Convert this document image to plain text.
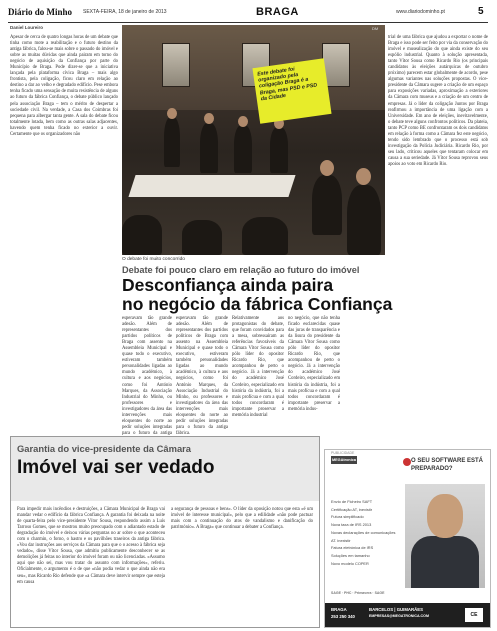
Diário do Minho SEXTA-FEIRA, 18 de janeiro de 2013	BRAGA	www.diariodominho.pt	5
Daniel Loureiro
Apesar de cerca de quatro longas horas de um debate que tinha como mote a reabilitação e o futuro destino da antiga fábrica, falou-se mais sobre o passado do imóvel e sobre as muitas dúvidas que ainda pairam em torno do negócio de aquisição da Confiança por parte do Município de Braga. Pode dizer-se que a iniciativa lançada pela plataforma cívica Braga – mais algo frontista, pela coligação, ficou claro em relação ao destino a dar ao velho e degradado edifício. Pese embora tenha ficado uma sensação de muita resistência de alguns ao futuro da fábrica Confiança, o debate público lançado pela associação Braga – tem o mérito de despertar a sociedade civil. Na verdade, a Casa dos Coimbras foi pequena para albergar tanta gente. A sala do debate ficou totalmente lotada, bem como as outras salas adjacentes, havendo quem tenha ficado no exterior a ouvir. Certamente que os organizadores não
DM
Este debate foi organizado pela coligação Braga é a Braga, mas PSD e PSD da Cidade
O debate foi muito concorrido
Debate foi pouco claro em relação ao futuro do imóvel
Desconfiança ainda paira
no negócio da fábrica Confiança
esperavam tão grande adesão. Além de representantes dos partidos políticos de Braga com assento na Assembleia Municipal e quase todo o executivo, estiveram também personalidades ligadas ao mundo académico, à cultura e aos negócios, como foi António Marques, da Associação Industrial do Minho, ou professores e investigadores da área das intervenções mais eloquentes do norte ao pedir soluções integradas para o futuro da antiga
esperavam tão grande adesão. Além de representantes dos partidos políticos de Braga com assento na Assembleia Municipal e quase todo o executivo, estiveram também personalidades ligadas ao mundo académico, à cultura e aos negócios, como foi António Marques, da Associação Industrial do Minho, ou professores e investigadores da área das intervenções mais eloquentes do norte ao pedir soluções integradas para o futuro da antiga fábrica.
Relativamente aos protagonistas do debate, que foram convidados para a mesa, sobressaíram as referências favoráveis da Câmara Vítor Sousa como pólo líder do opositor Ricardo Rio, que acompanhou de perto o negócio. Já a intervenção do académico José Cordeiro, especializado em história da indústria, foi a mais profícua e com a qual todos concordaram é importante proservar a memória industrial
no negócio, que não tenha ficado esclarecidas quase das juras de transparência e da lisura do presidente da Câmara Vítor Sousa como pólo líder do opositor Ricardo Rio, que acompanhou de perto o negócio. Já a intervenção do académico José Cordeiro, especializado em história da indústria, foi a mais profícua e com a qual todos concordaram é importante preservar a memória indus-
trial de uma fábrica que ajudou a exportar o nome de Braga e isso pode ser feito por via da conservação do imóvel e musealização do que ainda existe do seu espólio industrial. Quanto à solução apresentada, tanto Vítor Sousa como Ricardo Rio (os principais candidatos às eleições autárquicas de outubro próximo) parecem estar globalmente de acordo, pese algumas variantes nas soluções propostas. O vice-presidente da Câmara sugere a criação de um espaço para exposições variadas, aproximação a exteriores da Câmara com museus e a criação de um centro de empresas. Já o líder da coligação Juntos por Braga reafirmou a importância de uma ligação com a Universidade. Em ano de eleições, inevitavelmente, o debate teve alguns confrontos políticos. Da plateia, tanto PCP como BE confrontaram os dois candidatos em relação à forma como a Câmara fez este negócio, tendo sido lembrado que o processo está sob investigação da Polícia Judiciária. Ricardo Rio, por seu lado, criticou aqueles que tentaram colocar em causa a sua seriedade. Já Vítor Sousa reprovou seus apoios ao voto em Ricardo Rio.
Garantia do vice-presidente da Câmara
Imóvel vai ser vedado
Para impedir mais incêndios e destruições, a Câmara Municipal de Braga vai mandar vedar o edifício da fábrica Confiança. A garantia foi deixada na noite de quarta-feira pelo vice-presidente Vítor Sousa, respondendo assim a Luís Tarroso Gomes, que se mostrou muito preocupado com o adiantado estado de degradação do imóvel e deixou várias perguntas no ar sobre o que aconteceu com o charmin, o forno, o hastro e os pavilhões traseiros da antiga fábrica. «Vou dar instruções aos serviços da Câmara para que o o acesso à fábrica seja vedado», disse Vítor Sousa, que admitiu publicamente desconhecer se as demolições já feitas no interior do imóvel foram ou não licenciadas. «Assumo aqui que não sei, mas vou tratar do assunto com informações», referiu. Oficialmente, o argumento é o de que «não podia vedar o que ainda não era seu», mas Ricardo Rio defende que «a Câmara deve intervir sempre que esteja em causa
a segurança de pessoas e bens». O líder da oposição notou que esta «é um imóvel de interesse municipal», pelo que a edilidade «não pode pactuar mais com a continuação do atos de vandalismo e danificação do património». A Braga» que continuar a debater a Confiança.
PUBLICIDADE
MEGAtronica	O SEU SOFTWARE ESTÁ PREPARADO?
Envio de Ficheiro SAFT
Certificação AT, inexistir
Futura simplificado
Nova taxa de IRS 2013
Novas declarações de comunicações AT. inexistir
Fatura eletrónica de IRS
Soluções em tamanho
Novo modelo COPER
SAGE · PHC · Primavera · SAGE
BRAGA
253 250 340
BARCELOS | GUIMARÃES
EMPRESAS@MEGATRONICA.COM	CE
